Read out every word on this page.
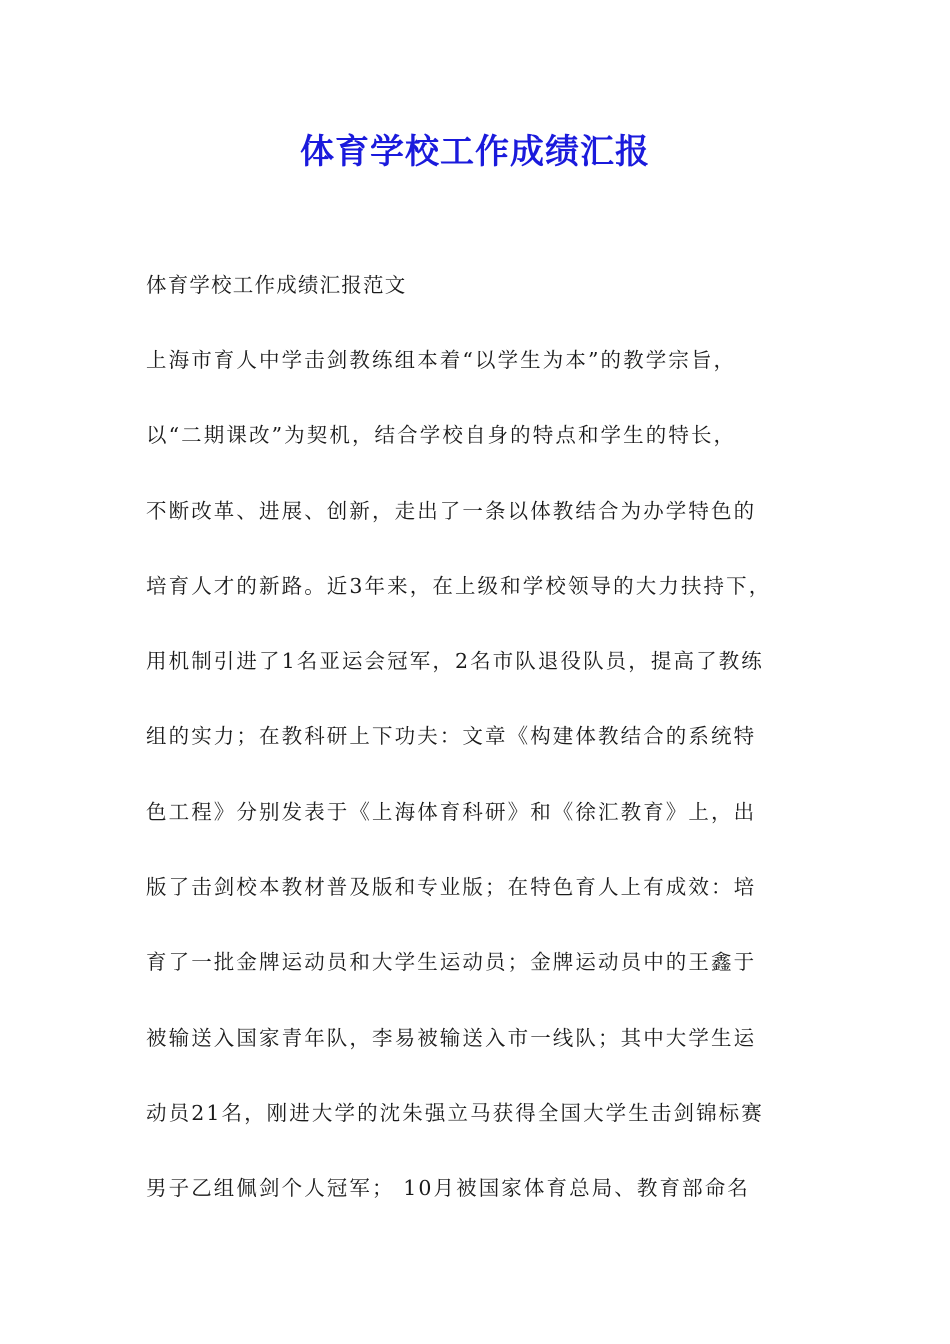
体育学校工作成绩汇报
体育学校工作成绩汇报范文
上海市育人中学击剑教练组本着“以学生为本”的教学宗旨，
以“二期课改”为契机，结合学校自身的特点和学生的特长，
不断改革、进展、创新，走出了一条以体教结合为办学特色的
培育人才的新路。近3年来，在上级和学校领导的大力扶持下，
用机制引进了1名亚运会冠军，2名市队退役队员，提高了教练
组的实力；在教科研上下功夫：文章《构建体教结合的系统特
色工程》分别发表于《上海体育科研》和《徐汇教育》上，出
版了击剑校本教材普及版和专业版；在特色育人上有成效：培
育了一批金牌运动员和大学生运动员；金牌运动员中的王鑫于
被输送入国家青年队，李易被输送入市一线队；其中大学生运
动员21名，刚进大学的沈朱强立马获得全国大学生击剑锦标赛
男子乙组佩剑个人冠军； 10月被国家体育总局、教育部命名
